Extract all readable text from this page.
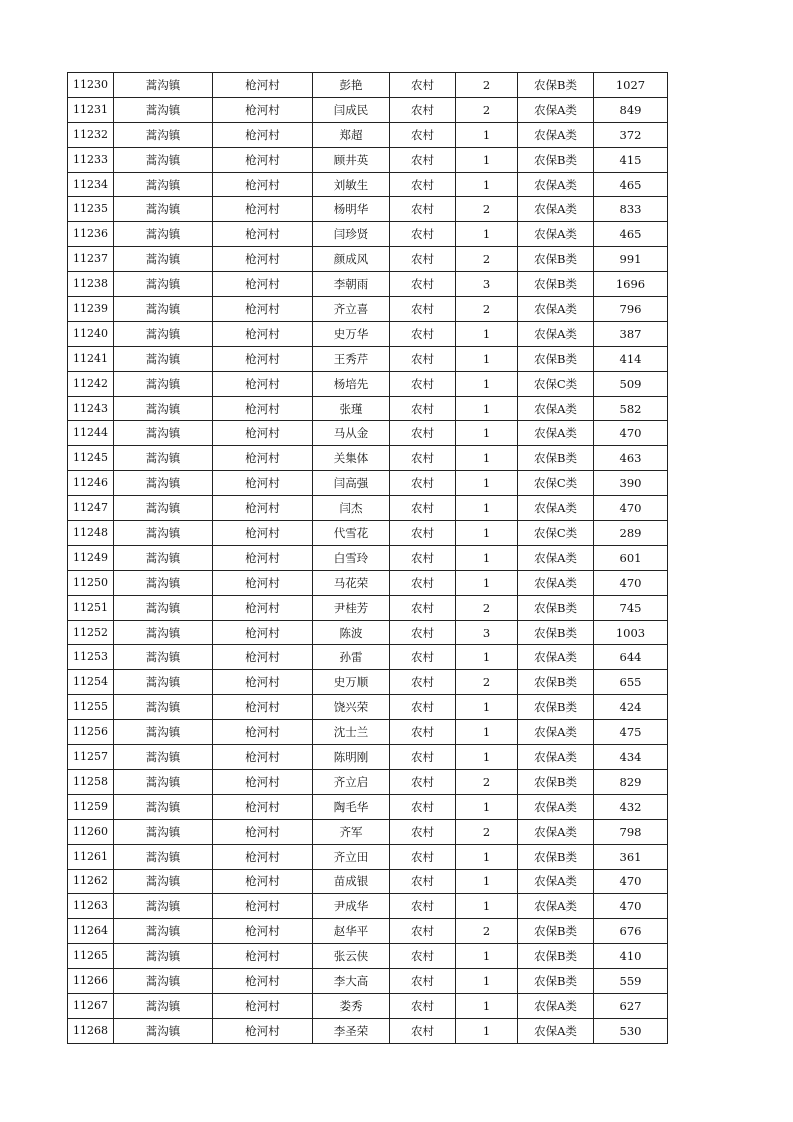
11230	蒿沟镇	枪河村	彭艳	农村	2	农保B类	1027
11231	蒿沟镇	枪河村	闫成民	农村	2	农保A类	849
11232	蒿沟镇	枪河村	郑超	农村	1	农保A类	372
11233	蒿沟镇	枪河村	顾井英	农村	1	农保B类	415
11234	蒿沟镇	枪河村	刘敏生	农村	1	农保A类	465
11235	蒿沟镇	枪河村	杨明华	农村	2	农保A类	833
11236	蒿沟镇	枪河村	闫珍贤	农村	1	农保A类	465
11237	蒿沟镇	枪河村	颜成风	农村	2	农保B类	991
11238	蒿沟镇	枪河村	李朝雨	农村	3	农保B类	1696
11239	蒿沟镇	枪河村	齐立喜	农村	2	农保A类	796
11240	蒿沟镇	枪河村	史万华	农村	1	农保A类	387
11241	蒿沟镇	枪河村	王秀芹	农村	1	农保B类	414
11242	蒿沟镇	枪河村	杨培先	农村	1	农保C类	509
11243	蒿沟镇	枪河村	张瑾	农村	1	农保A类	582
11244	蒿沟镇	枪河村	马从金	农村	1	农保A类	470
11245	蒿沟镇	枪河村	关集体	农村	1	农保B类	463
11246	蒿沟镇	枪河村	闫高强	农村	1	农保C类	390
11247	蒿沟镇	枪河村	闫杰	农村	1	农保A类	470
11248	蒿沟镇	枪河村	代雪花	农村	1	农保C类	289
11249	蒿沟镇	枪河村	白雪玲	农村	1	农保A类	601
11250	蒿沟镇	枪河村	马花荣	农村	1	农保A类	470
11251	蒿沟镇	枪河村	尹桂芳	农村	2	农保B类	745
11252	蒿沟镇	枪河村	陈波	农村	3	农保B类	1003
11253	蒿沟镇	枪河村	孙雷	农村	1	农保A类	644
11254	蒿沟镇	枪河村	史万顺	农村	2	农保B类	655
11255	蒿沟镇	枪河村	饶兴荣	农村	1	农保B类	424
11256	蒿沟镇	枪河村	沈士兰	农村	1	农保A类	475
11257	蒿沟镇	枪河村	陈明刚	农村	1	农保A类	434
11258	蒿沟镇	枪河村	齐立启	农村	2	农保B类	829
11259	蒿沟镇	枪河村	陶毛华	农村	1	农保A类	432
11260	蒿沟镇	枪河村	齐军	农村	2	农保A类	798
11261	蒿沟镇	枪河村	齐立田	农村	1	农保B类	361
11262	蒿沟镇	枪河村	苗成银	农村	1	农保A类	470
11263	蒿沟镇	枪河村	尹成华	农村	1	农保A类	470
11264	蒿沟镇	枪河村	赵华平	农村	2	农保B类	676
11265	蒿沟镇	枪河村	张云侠	农村	1	农保B类	410
11266	蒿沟镇	枪河村	李大高	农村	1	农保B类	559
11267	蒿沟镇	枪河村	娄秀	农村	1	农保A类	627
11268	蒿沟镇	枪河村	李圣荣	农村	1	农保A类	530
